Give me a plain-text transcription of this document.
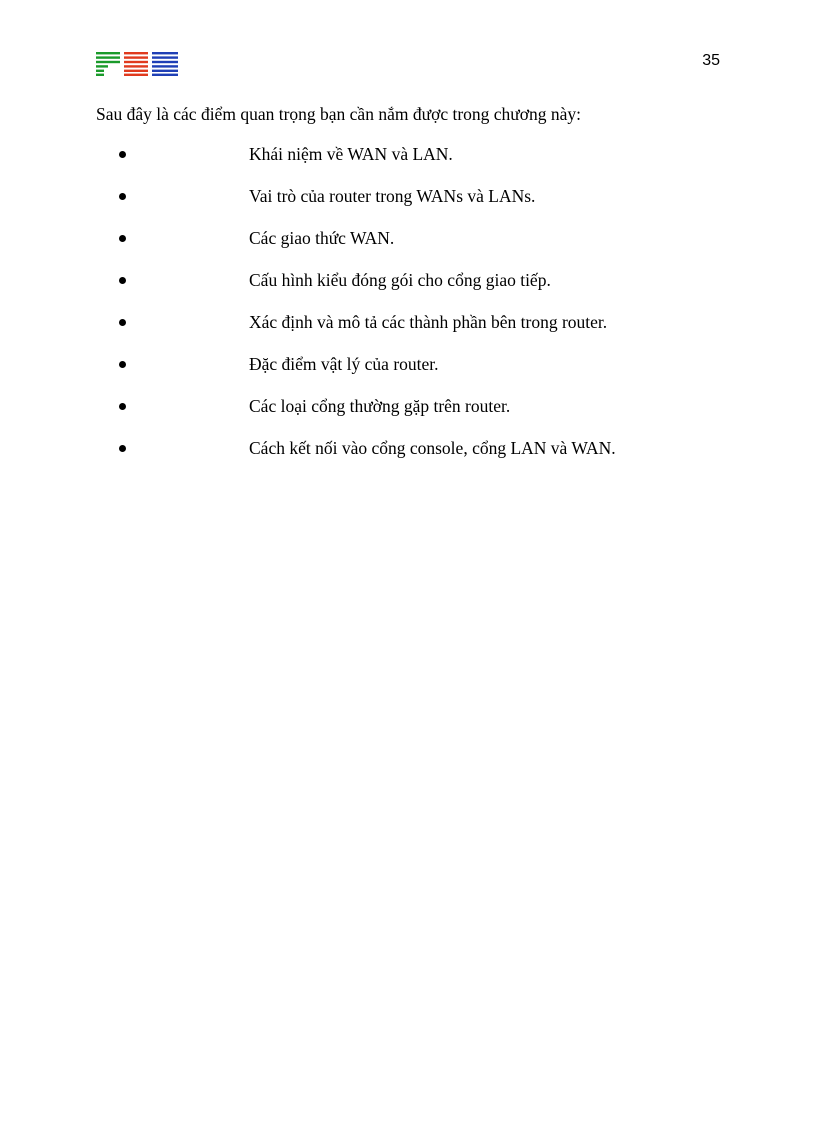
35
Sau đây là các điểm quan trọng bạn cần nắm được trong chương này:
Khái niệm về WAN và LAN.
Vai trò của router trong WANs và LANs.
Các giao thức WAN.
Cấu hình kiểu đóng gói cho cổng giao tiếp.
Xác định và mô tả các thành phần bên trong router.
Đặc điểm vật lý của router.
Các loại cổng thường gặp trên router.
Cách kết nối vào cổng console, cổng LAN và WAN.
